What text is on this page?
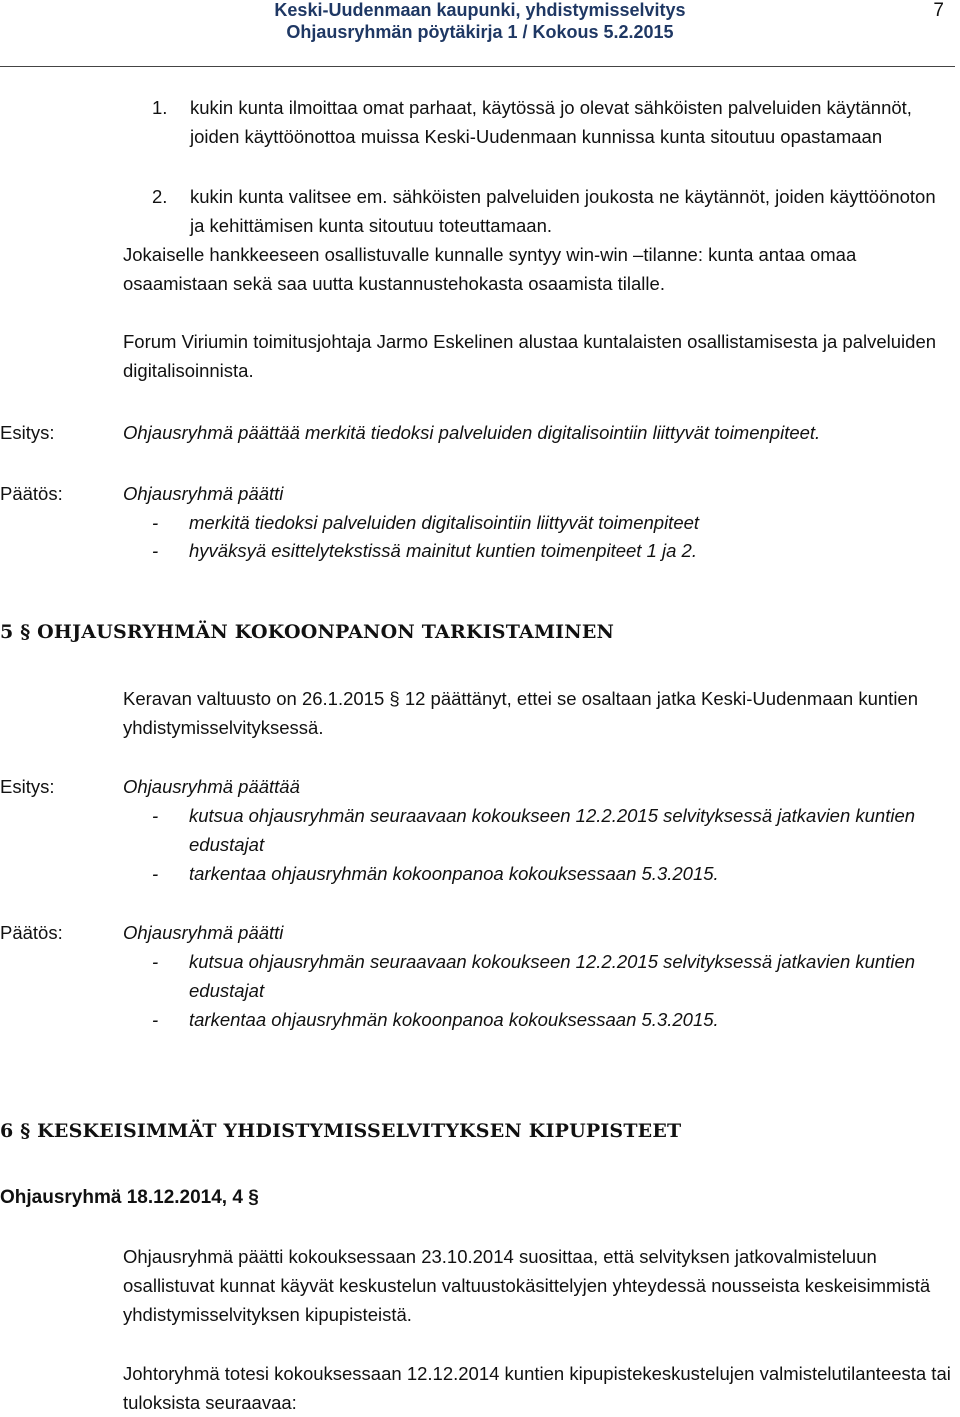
Keski-Uudenmaan kaupunki, yhdistymisselvitys
Ohjausryhmän pöytäkirja 1 / Kokous 5.2.2015
7
1.	kukin kunta ilmoittaa omat parhaat, käytössä jo olevat sähköisten palveluiden käytännöt, joiden käyttöönottoa muissa Keski-Uudenmaan kunnissa kunta sitoutuu opastamaan
2.	kukin kunta valitsee em. sähköisten palveluiden joukosta ne käytännöt, joiden käyttöönoton ja kehittämisen kunta sitoutuu toteuttamaan.

Jokaiselle hankkeeseen osallistuvalle kunnalle syntyy win-win –tilanne: kunta antaa omaa osaamistaan sekä saa uutta kustannustehokasta osaamista tilalle.

Forum Viriumin toimitusjohtaja Jarmo Eskelinen alustaa kuntalaisten osallistamisesta ja palveluiden digitalisoinnista.

Esitys:	Ohjausryhmä päättää merkitä tiedoksi palveluiden digitalisointiin liittyvät toimenpiteet.
Päätös:	Ohjausryhmä päätti
- merkitä tiedoksi palveluiden digitalisointiin liittyvät toimenpiteet
- hyväksyä esittelytekstissä mainitut kuntien toimenpiteet 1 ja 2.
5 § OHJAUSRYHMÄN KOKOONPANON TARKISTAMINEN

Keravan valtuusto on 26.1.2015 § 12 päättänyt, ettei se osaltaan jatka Keski-Uudenmaan kuntien yhdistymisselvityksessä.

Esitys:	Ohjausryhmä päättää
- kutsua ohjausryhmän seuraavaan kokoukseen 12.2.2015 selvityksessä jatkavien kuntien edustajat
- tarkentaa ohjausryhmän kokoonpanoa kokouksessaan 5.3.2015.
Päätös:	Ohjausryhmä päätti
- kutsua ohjausryhmän seuraavaan kokoukseen 12.2.2015 selvityksessä jatkavien kuntien edustajat
- tarkentaa ohjausryhmän kokoonpanoa kokouksessaan 5.3.2015.
6 § KESKEISIMMÄT YHDISTYMISSELVITYKSEN KIPUPISTEET
Ohjausryhmä 18.12.2014, 4 §

Ohjausryhmä päätti kokouksessaan 23.10.2014 suosittaa, että selvityksen jatkovalmisteluun osallistuvat kunnat käyvät keskustelun valtuustokäsittelyjen yhteydessä nousseista keskeisimmistä yhdistymisselvityksen kipupisteistä.

Johtoryhmä totesi kokouksessaan 12.12.2014 kuntien kipupistekeskustelujen valmistelutilanteesta tai tuloksista seuraavaa:
